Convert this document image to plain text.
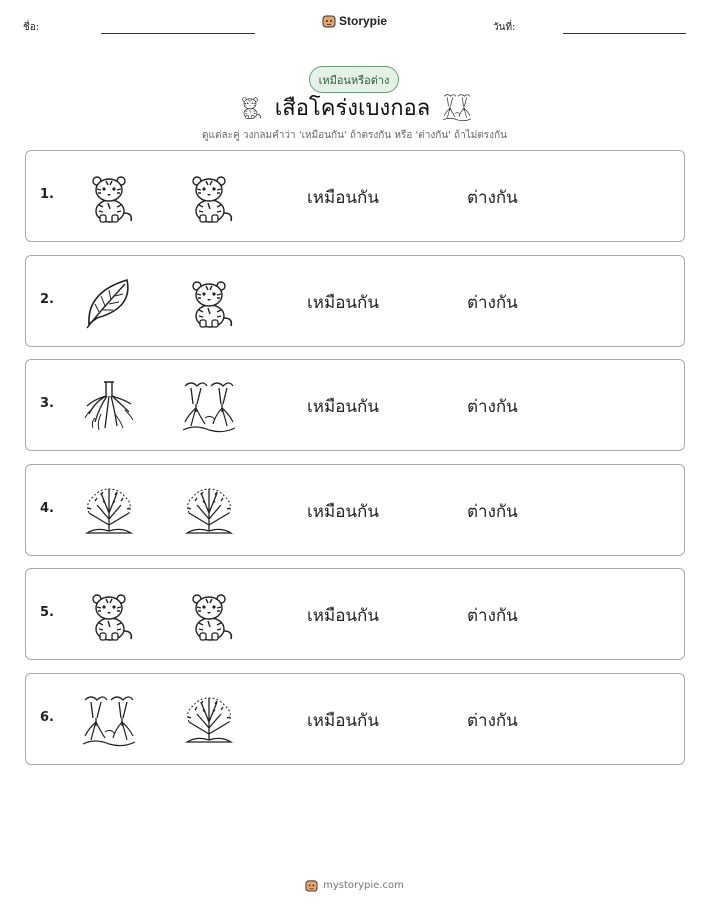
ชื่อ:	Storypie	วันที่:
เหมือนหรือต่าง
เสือโคร่งเบงกอล
ดูแต่ละคู่ วงกลมคำว่า 'เหมือนกัน' ถ้าตรงกัน หรือ 'ต่างกัน' ถ้าไม่ตรงกัน
1.	เหมือนกัน	ต่างกัน
2.	เหมือนกัน	ต่างกัน
3.	เหมือนกัน	ต่างกัน
4.	เหมือนกัน	ต่างกัน
5.	เหมือนกัน	ต่างกัน
6.	เหมือนกัน	ต่างกัน
mystorypie.com
